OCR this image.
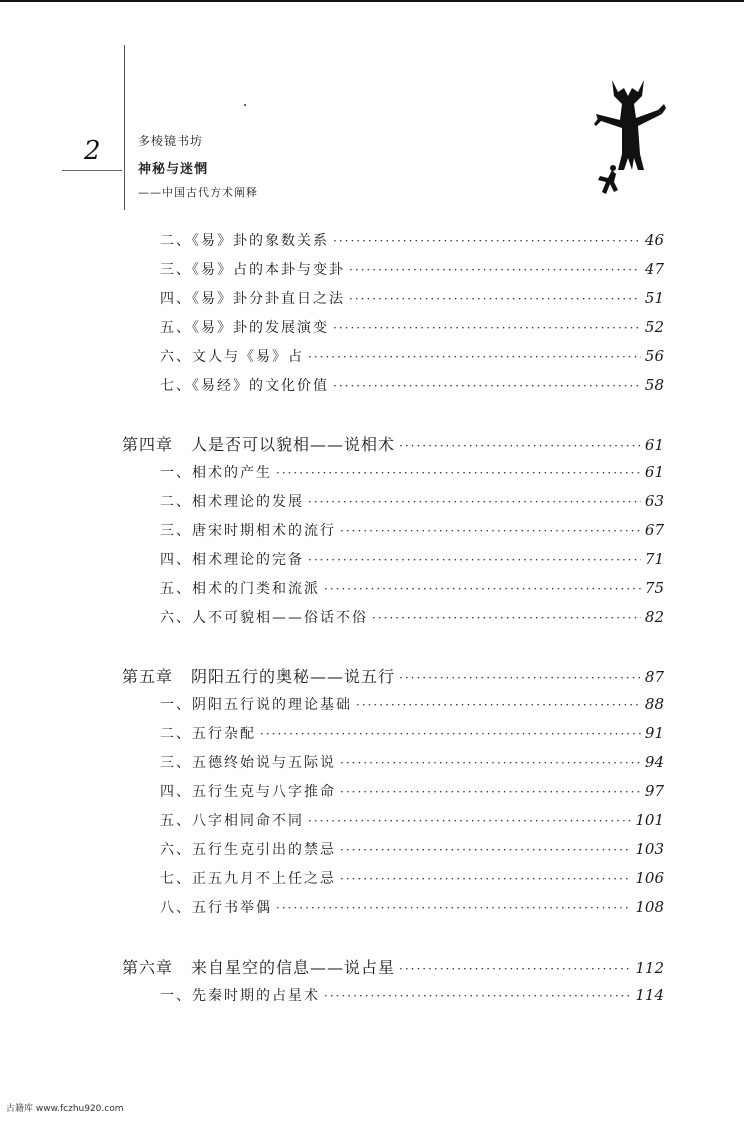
2	多棱镜书坊
神秘与迷惘
——中国古代方术阐释
二、《易》卦的象数关系 ·····	46
三、《易》占的本卦与变卦 ·····	47
四、《易》卦分卦直日之法 ·····	51
五、《易》卦的发展演变 ·····	52
六、文人与《易》占 ·····	56
七、《易经》的文化价值 ·····	58
第四章 人是否可以貌相——说相术 ·····	61
一、相术的产生 ·····	61
二、相术理论的发展 ·····	63
三、唐宋时期相术的流行 ·····	67
四、相术理论的完备 ·····	71
五、相术的门类和流派 ·····	75
六、人不可貌相——俗话不俗 ·····	82
第五章 阴阳五行的奥秘——说五行 ·····	87
一、阴阳五行说的理论基础 ·····	88
二、五行杂配 ·····	91
三、五德终始说与五际说 ·····	94
四、五行生克与八字推命 ·····	97
五、八字相同命不同 ·····	101
六、五行生克引出的禁忌 ·····	103
七、正五九月不上任之忌 ·····	106
八、五行书举偶 ·····	108
第六章 来自星空的信息——说占星 ·····	112
一、先秦时期的占星术 ·····	114
古籍库 www.fczhu920.com
